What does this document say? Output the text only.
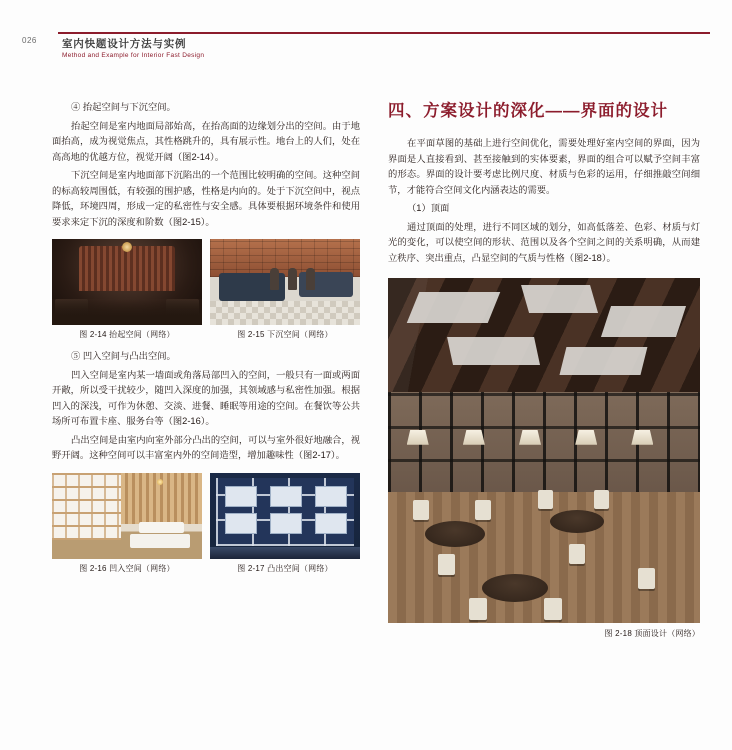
026 室内快题设计方法与实例
Method and Example for Interior Fast Design

④ 抬起空间与下沉空间。

抬起空间是室内地面局部始高，在抬高面的边缘划分出的空间。由于地面抬高，成为视觉焦点，其性格跳升的，具有展示性。地台上的人们，处在高高地的优越方位，视觉开阔（图2-14）。

下沉空间是室内地面部下沉陷出的一个范围比较明确的空间。这种空间的标高较周围低，有较强的围护感，性格是内向的。处于下沉空间中，视点降低，环境四周，形成一定的私密性与安全感。具体要根据环境条件和使用要求来定下沉的深度和阶数（图2-15）。

图 2-14 抬起空间（网络）	图 2-15 下沉空间（网络）

⑤ 凹入空间与凸出空间。

凹入空间是室内某一墙面或角落局部凹入的空间，一般只有一面或两面开敞，所以受干扰较少，随凹入深度的加强，其领域感与私密性加强。根据凹入的深浅，可作为休憩、交淡、进餐、睡眠等用途的空间。在餐饮等公共场所可布置卡座、服务台等（图2-16）。

凸出空间是由室内向室外部分凸出的空间，可以与室外很好地融合，视野开阔。这种空间可以丰富室内外的空间造型，增加趣味性（图2-17）。

图 2-16 凹入空间（网络）	图 2-17 凸出空间（网络）
四、方案设计的深化——界面的设计

在平面草图的基础上进行空间优化，需要处理好室内空间的界面，因为界面是人直接看到、甚至接触到的实体要素，界面的组合可以赋予空间丰富的形态。界面的设计要考虑比例尺度、材质与色彩的运用，仔细推敲空间细节，才能符合空间文化内涵表达的需要。

（1）顶面

通过顶面的处理，进行不同区域的划分，如高低落差、色彩、材质与灯光的变化，可以使空间的形状、范围以及各个空间之间的关系明确，从而建立秩序、突出重点，凸显空间的气质与性格（图2-18）。

图 2-18 顶面设计（网络）
